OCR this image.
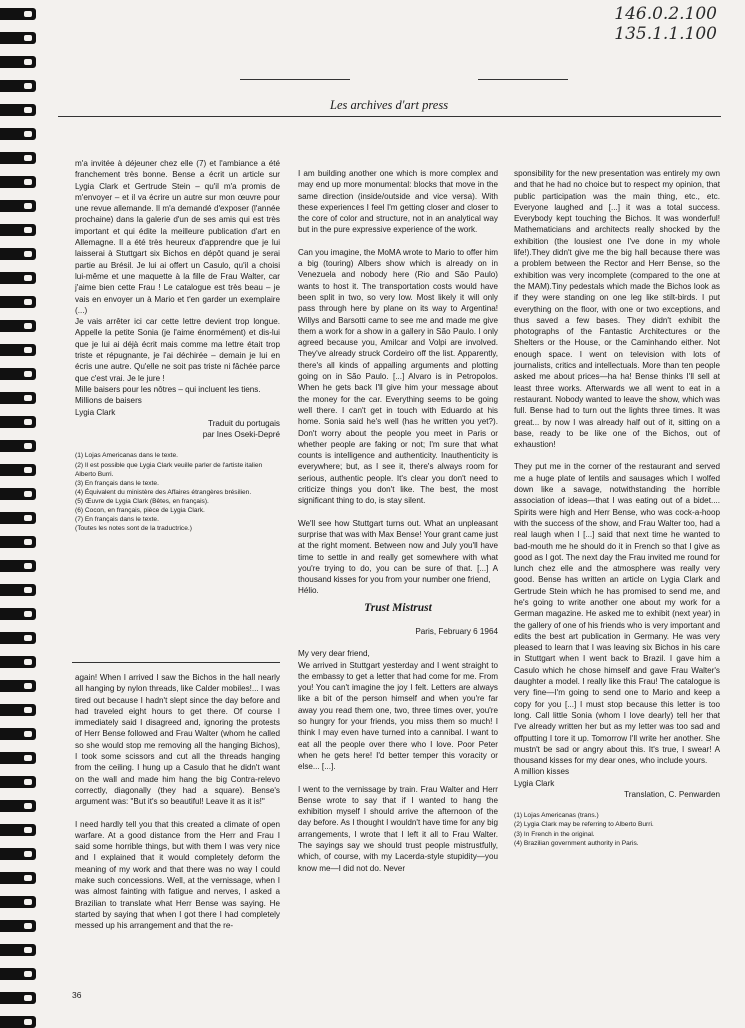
146.0.2.100
135.1.1.100
Les archives d'art press

m'a invitée à déjeuner chez elle (7) et l'ambiance a été franchement très bonne. Bense a écrit un article sur Lygia Clark et Gertrude Stein – qu'il m'a promis de m'envoyer – et il va écrire un autre sur mon œuvre pour une revue allemande. Il m'a demandé d'exposer (l'année prochaine) dans la galerie d'un de ses amis qui est très important et qui édite la meilleure publication d'art en Allemagne. Il a été très heureux d'apprendre que je lui laisserai à Stuttgart six Bichos en dépôt quand je serai partie au Brésil. Je lui ai offert un Casulo, qu'il a choisi lui-même et une maquette à la fille de Frau Walter, car j'aime bien cette Frau ! Le catalogue est très beau – je vais en envoyer un à Mario et t'en garder un exemplaire (...)

Je vais arrêter ici car cette lettre devient trop longue. Appelle la petite Sonia (je l'aime énormément) et dis-lui que je lui ai déjà écrit mais comme ma lettre était trop triste et répugnante, je l'ai déchirée – demain je lui en écris une autre. Qu'elle ne soit pas triste ni fâchée parce que c'est vrai. Je le jure !

Mille baisers pour les nôtres – qui incluent les tiens.

Millions de baisers

Lygia Clark

Traduit du portugais

par Ines Oseki-Depré

(1) Lojas Americanas dans le texte.

(2) Il est possible que Lygia Clark veuille parler de l'artiste italien Alberto Burri.

(3) En français dans le texte.

(4) Équivalent du ministère des Affaires étrangères brésilien.

(5) Œuvre de Lygia Clark (Bêtes, en français).

(6) Cocon, en français, pièce de Lygia Clark.

(7) En français dans le texte.

(Toutes les notes sont de la traductrice.)

again! When I arrived I saw the Bichos in the hall nearly all hanging by nylon threads, like Calder mobiles!... I was tired out because I hadn't slept since the day before and had traveled eight hours to get there. Of course I immediately said I disagreed and, ignoring the protests of Herr Bense followed and Frau Walter (whom he called so she would stop me removing all the hanging Bichos), I took some scissors and cut all the threads hanging from the ceiling. I hung up a Casulo that he didn't want on the wall and made him hang the big Contra-relevo correctly, diagonally (they had a square). Bense's argument was: "But it's so beautiful! Leave it as it is!"

I need hardly tell you that this created a climate of open warfare. At a good distance from the Herr and Frau I said some horrible things, but with them I was very nice and I explained that it would completely deform the meaning of my work and that there was no way I could make such concessions. Well, at the vernissage, when I was almost fainting with fatigue and nerves, I asked a Brazilian to translate what Herr Bense was saying. He started by saying that when I got there I had completely messed up his arrangement and that the re-

36

I am building another one which is more complex and may end up more monumental: blocks that move in the same direction (inside/outside and vice versa). With these experiences I feel I'm getting closer and closer to the core of color and structure, not in an analytical way but in the pure expressive experience of the work.

Can you imagine, the MoMA wrote to Mario to offer him a big (touring) Albers show which is already on in Venezuela and nobody here (Rio and São Paulo) wants to host it. The transportation costs would have been split in two, so very low. Most likely it will only pass through here by plane on its way to Argentina! Willys and Barsotti came to see me and made me give them a work for a show in a gallery in São Paulo. I only agreed because you, Amilcar and Volpi are involved. They've already struck Cordeiro off the list. Apparently, there's all kinds of appalling arguments and plotting going on in São Paulo. [...] Alvaro is in Petropolos. When he gets back I'll give him your message about the money for the car. Everything seems to be going well there. I can't get in touch with Eduardo at his home. Sonia said he's well (has he written you yet?). Don't worry about the people you meet in Paris or whether people are faking or not; I'm sure that what counts is intelligence and authenticity. Inauthenticity is everywhere; but, as I see it, there's always room for serious, authentic people. It's clear you don't need to criticize things you don't like. The best, the most significant thing to do, is stay silent.

We'll see how Stuttgart turns out. What an unpleasant surprise that was with Max Bense! Your grant came just at the right moment. Between now and July you'll have time to settle in and really get somewhere with what you're trying to do, you can be sure of that. [...] A thousand kisses for you from your number one friend,

Hélio.

Trust Mistrust

Paris, February 6 1964

My very dear friend,

We arrived in Stuttgart yesterday and I went straight to the embassy to get a letter that had come for me. From you! You can't imagine the joy I felt. Letters are always like a bit of the person himself and when you're far away you read them one, two, three times over, you're so hungry for your friends, you miss them so much! I think I may even have turned into a cannibal. I want to eat all the people over there who I love. Poor Peter when he gets here! I'd better temper this voracity or else... [...].

I went to the vernissage by train. Frau Walter and Herr Bense wrote to say that if I wanted to hang the exhibition myself I should arrive the afternoon of the day before. As I thought I wouldn't have time for any big arrangements, I wrote that I left it all to Frau Walter. The sayings say we should trust people mistrustfully, which, of course, with my Lacerda-style stupidity—you know me—I did not do. Never

sponsibility for the new presentation was entirely my own and that he had no choice but to respect my opinion, that public participation was the main thing, etc., etc. Everyone laughed and [...] it was a total success. Everybody kept touching the Bichos. It was wonderful! Mathematicians and architects really shocked by the exhibition (the lousiest one I've done in my whole life!).They didn't give me the big hall because there was a problem between the Rector and Herr Bense, so the exhibition was very incomplete (compared to the one at the MAM).Tiny pedestals which made the Bichos look as if they were standing on one leg like stilt-birds. I put everything on the floor, with one or two exceptions, and thus saved a few bases. They didn't exhibit the photographs of the Fantastic Architectures or the Shelters or the House, or the Caminhando either. Not enough space. I went on television with lots of journalists, critics and intellectuals. More than ten people asked me about prices—ha ha! Bense thinks I'll sell at least three works. Afterwards we all went to eat in a restaurant. Nobody wanted to leave the show, which was full. Bense had to turn out the lights three times. It was great... by now I was already half out of it, sitting on a base, ready to be like one of the Bichos, out of exhaustion!

They put me in the corner of the restaurant and served me a huge plate of lentils and sausages which I wolfed down like a savage, notwithstanding the horrible association of ideas—that I was eating out of a bidet.... Spirits were high and Herr Bense, who was cock-a-hoop with the success of the show, and Frau Walter too, had a real laugh when I [...] said that next time he wanted to bad-mouth me he should do it in French so that I give as good as I got. The next day the Frau invited me round for lunch chez elle and the atmosphere was really very good. Bense has written an article on Lygia Clark and Gertrude Stein which he has promised to send me, and he's going to write another one about my work for a German magazine. He asked me to exhibit (next year) in the gallery of one of his friends who is very important and edits the best art publication in Germany. He was very pleased to learn that I was leaving six Bichos in his care in Stuttgart when I went back to Brazil. I gave him a Casulo which he chose himself and gave Frau Walter's daughter a model. I really like this Frau! The catalogue is very fine—I'm going to send one to Mario and keep a copy for you [...] I must stop because this letter is too long. Call little Sonia (whom I love dearly) tell her that I've already written her but as my letter was too sad and offputting I tore it up. Tomorrow I'll write her another. She mustn't be sad or angry about this. It's true, I swear! A thousand kisses for my dear ones, who include yours.

A million kisses

Lygia Clark

Translation, C. Penwarden

(1) Lojas Americanas (trans.)

(2) Lygia Clark may be referring to Alberto Burri.

(3) In French in the original.

(4) Brazilian government authority in Paris.
